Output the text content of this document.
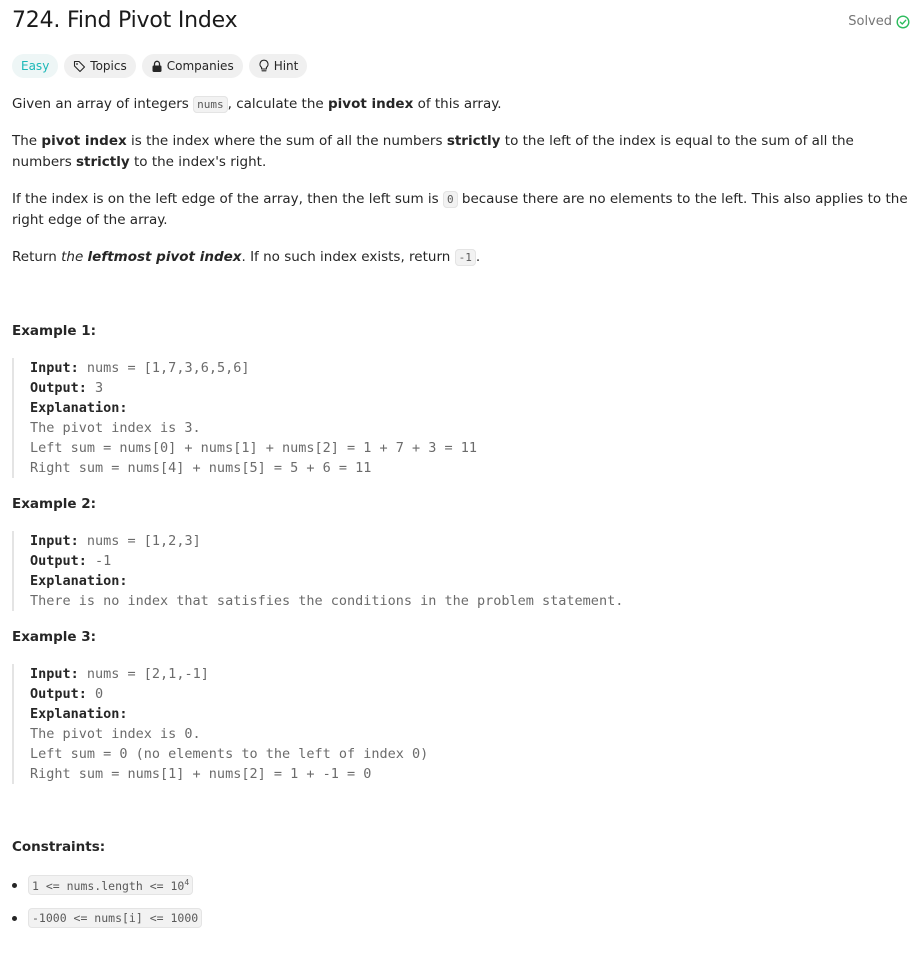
724. Find Pivot Index	Solved
Easy	Topics	Companies	Hint
Given an array of integers nums , calculate the pivot index of this array.
The pivot index is the index where the sum of all the numbers strictly to the left of the index is equal to the sum of all the numbers strictly to the index's right.
If the index is on the left edge of the array, then the left sum is 0 because there are no elements to the left. This also applies to the right edge of the array.
Return the leftmost pivot index. If no such index exists, return -1 .
Example 1:
Input: nums = [1,7,3,6,5,6]
Output: 3
Explanation:
The pivot index is 3.
Left sum = nums[0] + nums[1] + nums[2] = 1 + 7 + 3 = 11
Right sum = nums[4] + nums[5] = 5 + 6 = 11
Example 2:
Input: nums = [1,2,3]
Output: -1
Explanation:
There is no index that satisfies the conditions in the problem statement.
Example 3:
Input: nums = [2,1,-1]
Output: 0
Explanation:
The pivot index is 0.
Left sum = 0 (no elements to the left of index 0)
Right sum = nums[1] + nums[2] = 1 + -1 = 0
Constraints:
1 <= nums.length <= $10^4$
-1000 <= nums[i] <= 1000
